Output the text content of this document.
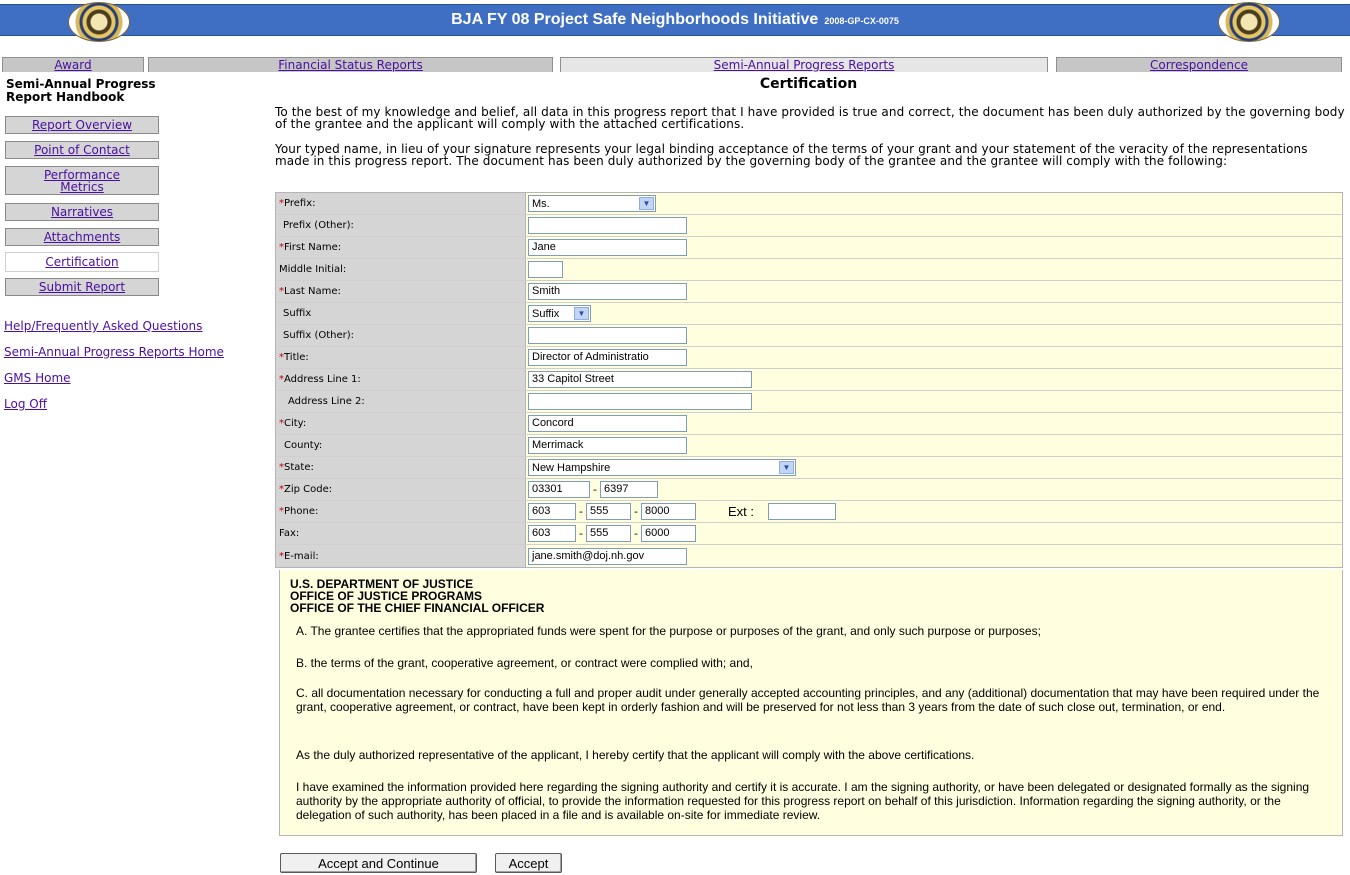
BJA FY 08 Project Safe Neighborhoods Initiative 2008-GP-CX-0075
Award	Financial Status Reports	Semi-Annual Progress Reports	Correspondence
Semi-Annual Progress Report Handbook
Report Overview
Point of Contact
Performance Metrics
Narratives
Attachments
Certification
Submit Report
Help/Frequently Asked Questions
Semi-Annual Progress Reports Home
GMS Home
Log Off
Certification
To the best of my knowledge and belief, all data in this progress report that I have provided is true and correct, the document has been duly authorized by the governing body of the grantee and the applicant will comply with the attached certifications.
Your typed name, in lieu of your signature represents your legal binding acceptance of the terms of your grant and your statement of the veracity of the representations made in this progress report. The document has been duly authorized by the governing body of the grantee and the grantee will comply with the following:
* Prefix:	Ms.	▼
Prefix (Other):
* First Name:	Jane
Middle Initial:
* Last Name:	Smith
Suffix	Suffix	▼
Suffix (Other):
* Title:	Director of Administratio
* Address Line 1:	33 Capitol Street
Address Line 2:
* City:	Concord
County:	Merrimack
* State:	New Hampshire	▼
* Zip Code:	03301	- 6397
* Phone:	603	- 555	- 8000	Ext :
Fax:	603	- 555	- 6000
* E-mail:	jane.smith@doj.nh.gov
U.S. DEPARTMENT OF JUSTICE
OFFICE OF JUSTICE PROGRAMS
OFFICE OF THE CHIEF FINANCIAL OFFICER
A. The grantee certifies that the appropriated funds were spent for the purpose or purposes of the grant, and only such purpose or purposes;
B. the terms of the grant, cooperative agreement, or contract were complied with; and,
C. all documentation necessary for conducting a full and proper audit under generally accepted accounting principles, and any (additional) documentation that may have been required under the grant, cooperative agreement, or contract, have been kept in orderly fashion and will be preserved for not less than 3 years from the date of such close out, termination, or end.
As the duly authorized representative of the applicant, I hereby certify that the applicant will comply with the above certifications.
I have examined the information provided here regarding the signing authority and certify it is accurate. I am the signing authority, or have been delegated or designated formally as the signing authority by the appropriate authority of official, to provide the information requested for this progress report on behalf of this jurisdiction. Information regarding the signing authority, or the delegation of such authority, has been placed in a file and is available on-site for immediate review.
Accept and Continue	Accept
